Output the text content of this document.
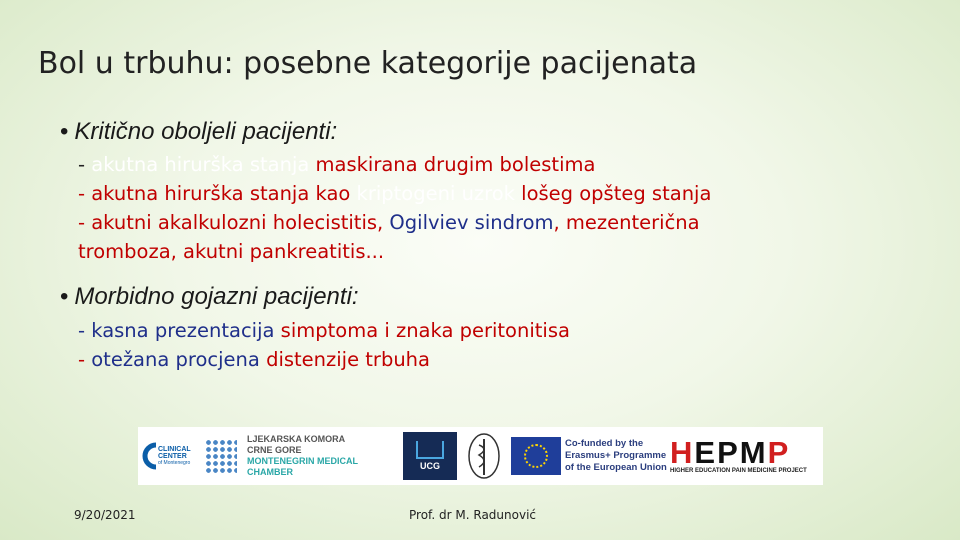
Bol u trbuhu: posebne kategorije pacijenata
• Kritično oboljeli pacijenti:
- akutna hirurška stanja maskirana drugim bolestima
- akutna hirurška stanja kao kriptogeni uzrok lošeg opšteg stanja
- akutni akalkulozni holecistitis, Ogilviev sindrom, mezenterična
tromboza, akutni pankreatitis...
• Morbidno gojazni pacijenti:
- kasna prezentacija simptoma i znaka peritonitisa
- otežana procjena distenzije trbuha
CLINICAL
CENTER
of Montenegro
LJEKARSKA KOMORA
CRNE GORE
MONTENEGRIN MEDICAL CHAMBER
UCG
Co-funded by the
Erasmus+ Programme
of the European Union HEPMP
HIGHER EDUCATION PAIN MEDICINE PROJECT
9/20/2021	Prof. dr M. Radunović
